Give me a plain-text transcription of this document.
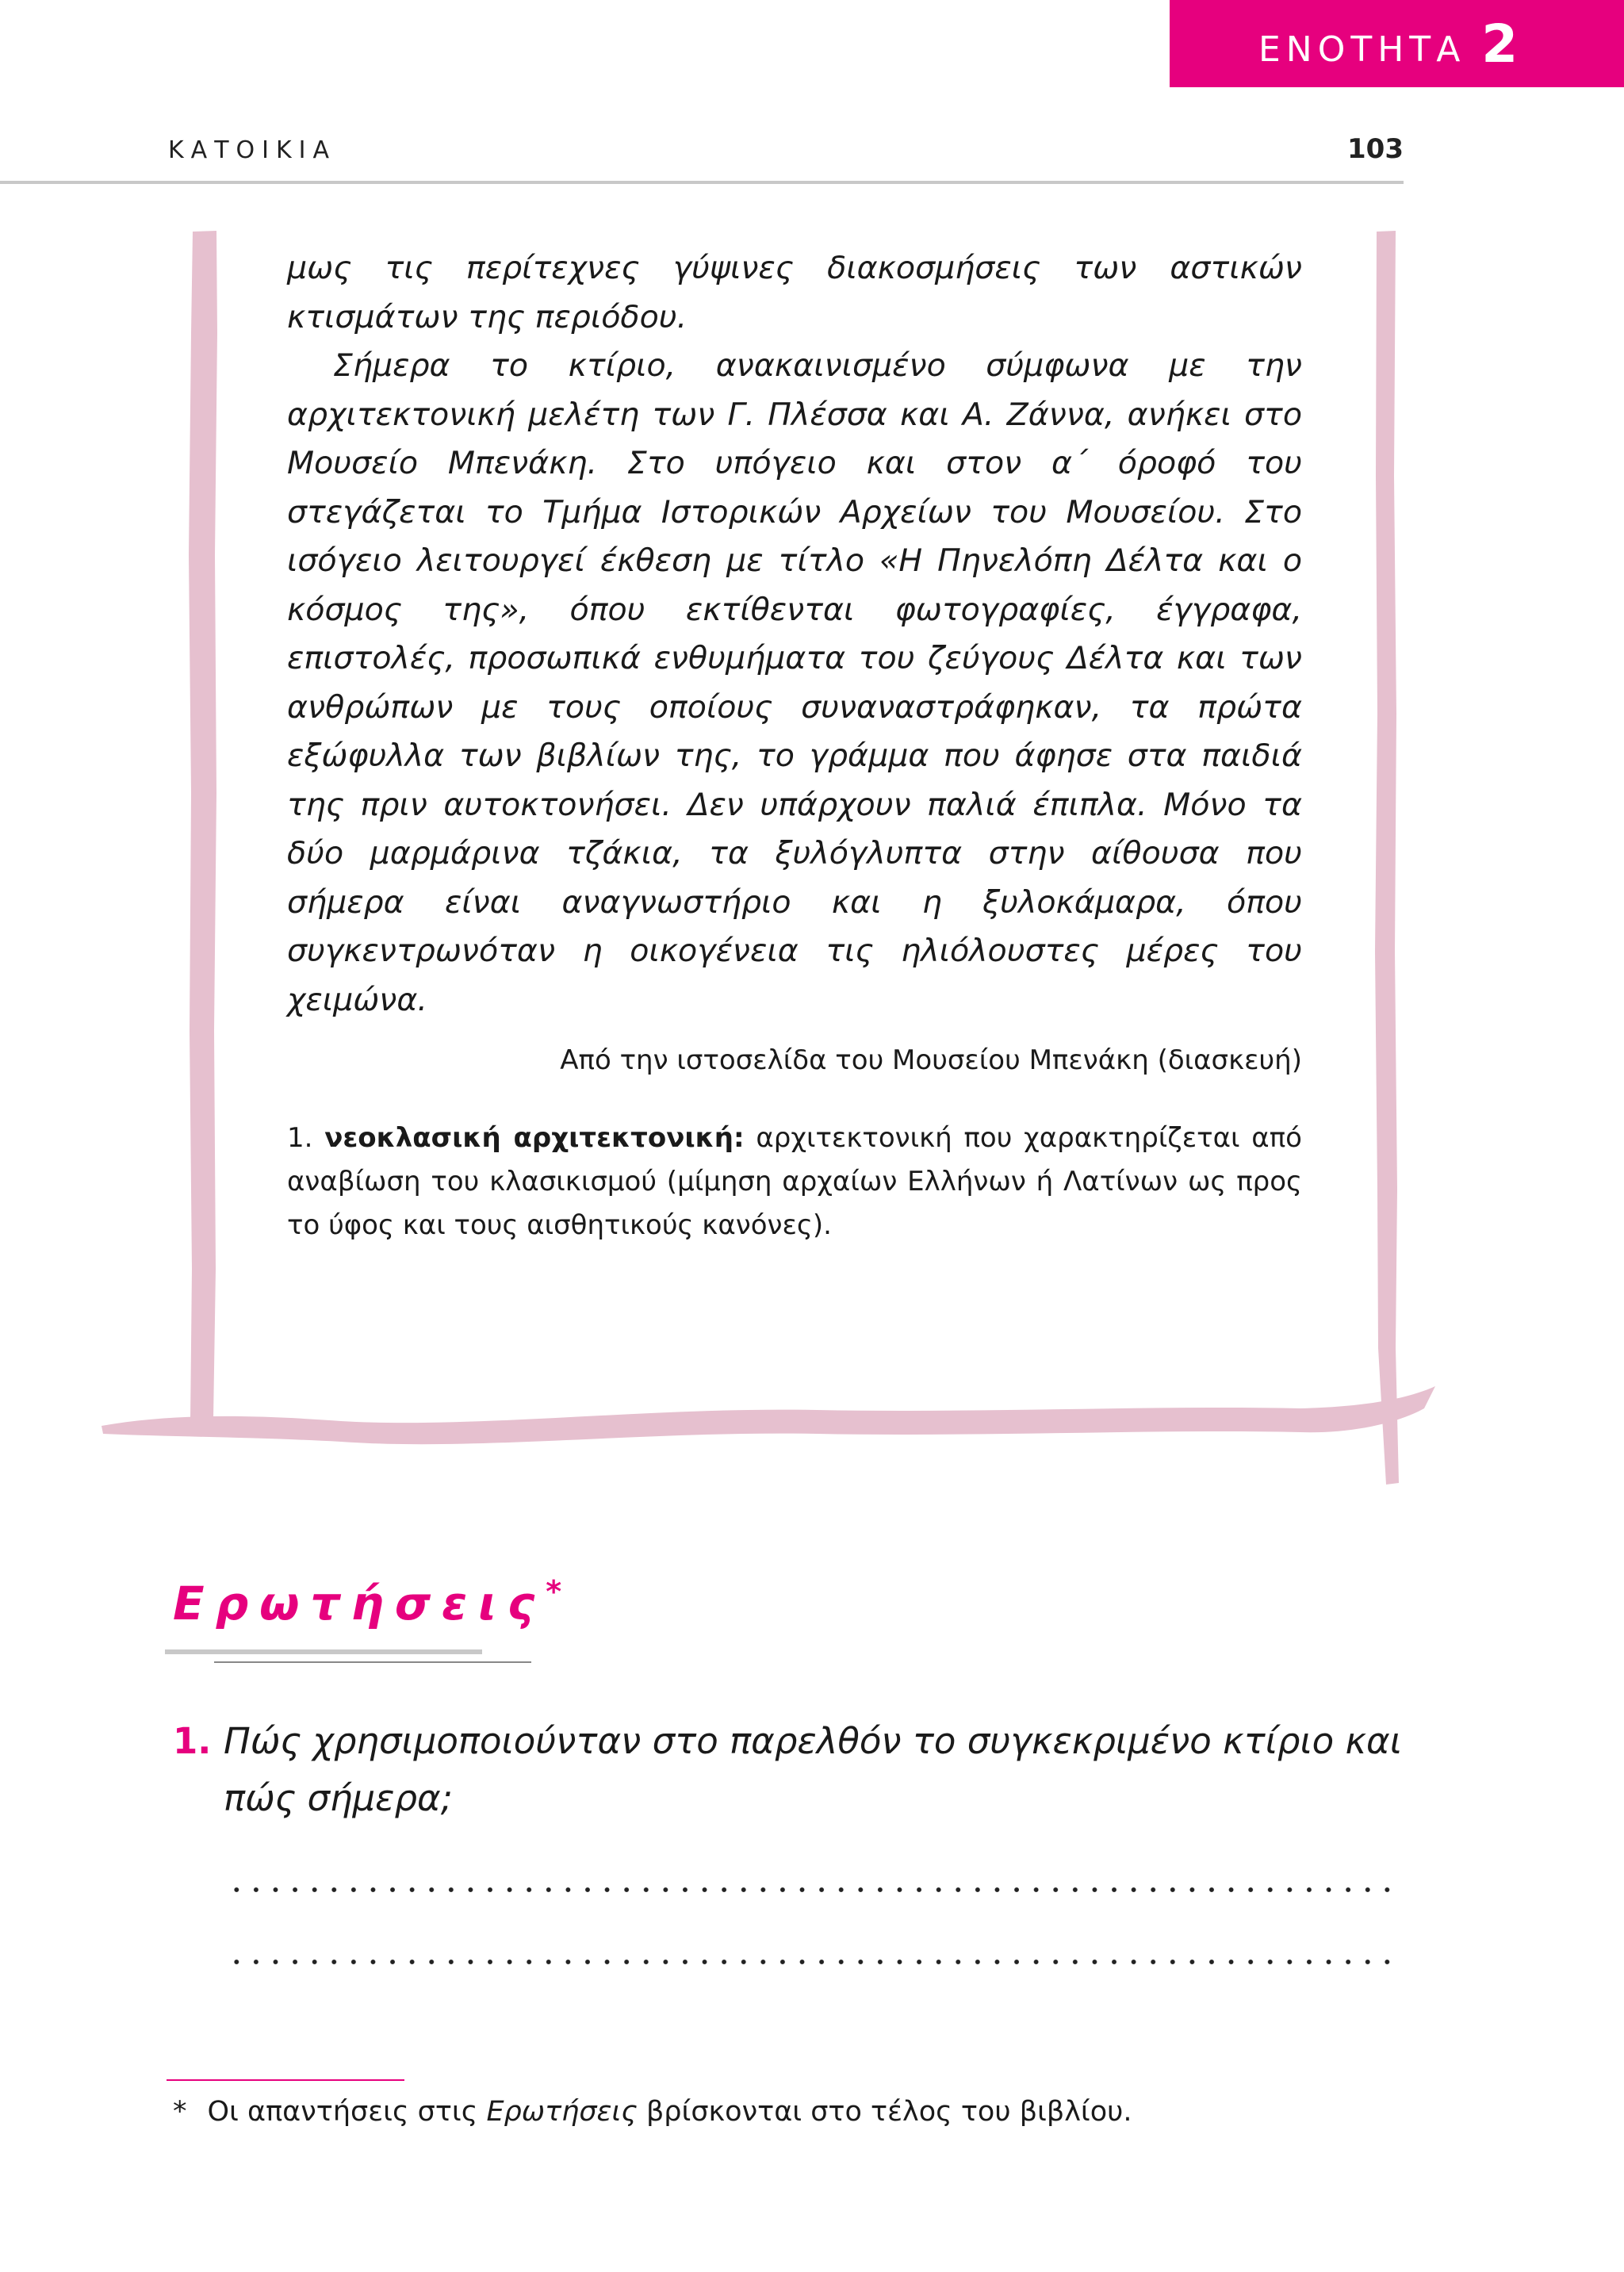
ΕΝΟΤΗΤΑ 2
ΚΑΤΟΙΚΙΑ	103

μως τις περίτεχνες γύψινες διακοσμήσεις των αστικών κτισμάτων της περιόδου.

Σήμερα το κτίριο, ανακαινισμένο σύμφωνα με την αρχιτεκτονική μελέτη των Γ. Πλέσσα και Α. Ζάννα, ανήκει στο Μουσείο Μπενάκη. Στο υπόγειο και στον α΄ όροφό του στεγάζεται το Τμήμα Ιστορικών Αρχείων του Μουσείου. Στο ισόγειο λειτουργεί έκθεση με τίτλο «Η Πηνελόπη Δέλτα και ο κόσμος της», όπου εκτίθενται φωτογραφίες, έγγραφα, επιστολές, προσωπικά ενθυμήματα του ζεύγους Δέλτα και των ανθρώπων με τους οποίους συναναστράφηκαν, τα πρώτα εξώφυλλα των βιβλίων της, το γράμμα που άφησε στα παιδιά της πριν αυτοκτονήσει. Δεν υπάρχουν παλιά έπιπλα. Μόνο τα δύο μαρμάρινα τζάκια, τα ξυλόγλυπτα στην αίθουσα που σήμερα είναι αναγνωστήριο και η ξυλοκάμαρα, όπου συγκεντρωνόταν η οικογένεια τις ηλιόλουστες μέρες του χειμώνα.

Από την ιστοσελίδα του Μουσείου Μπενάκη (διασκευή)

1. νεοκλασική αρχιτεκτονική: αρχιτεκτονική που χαρακτηρίζεται από αναβίωση του κλασικισμού (μίμηση αρχαίων Ελλήνων ή Λατίνων ως προς το ύφος και τους αισθητικούς κανόνες).

Ερωτήσεις*
1. Πώς χρησιμοποιούνταν στο παρελθόν το συγκεκριμένο κτίριο και πώς σήμερα;
* Οι απαντήσεις στις Ερωτήσεις βρίσκονται στο τέλος του βιβλίου.
